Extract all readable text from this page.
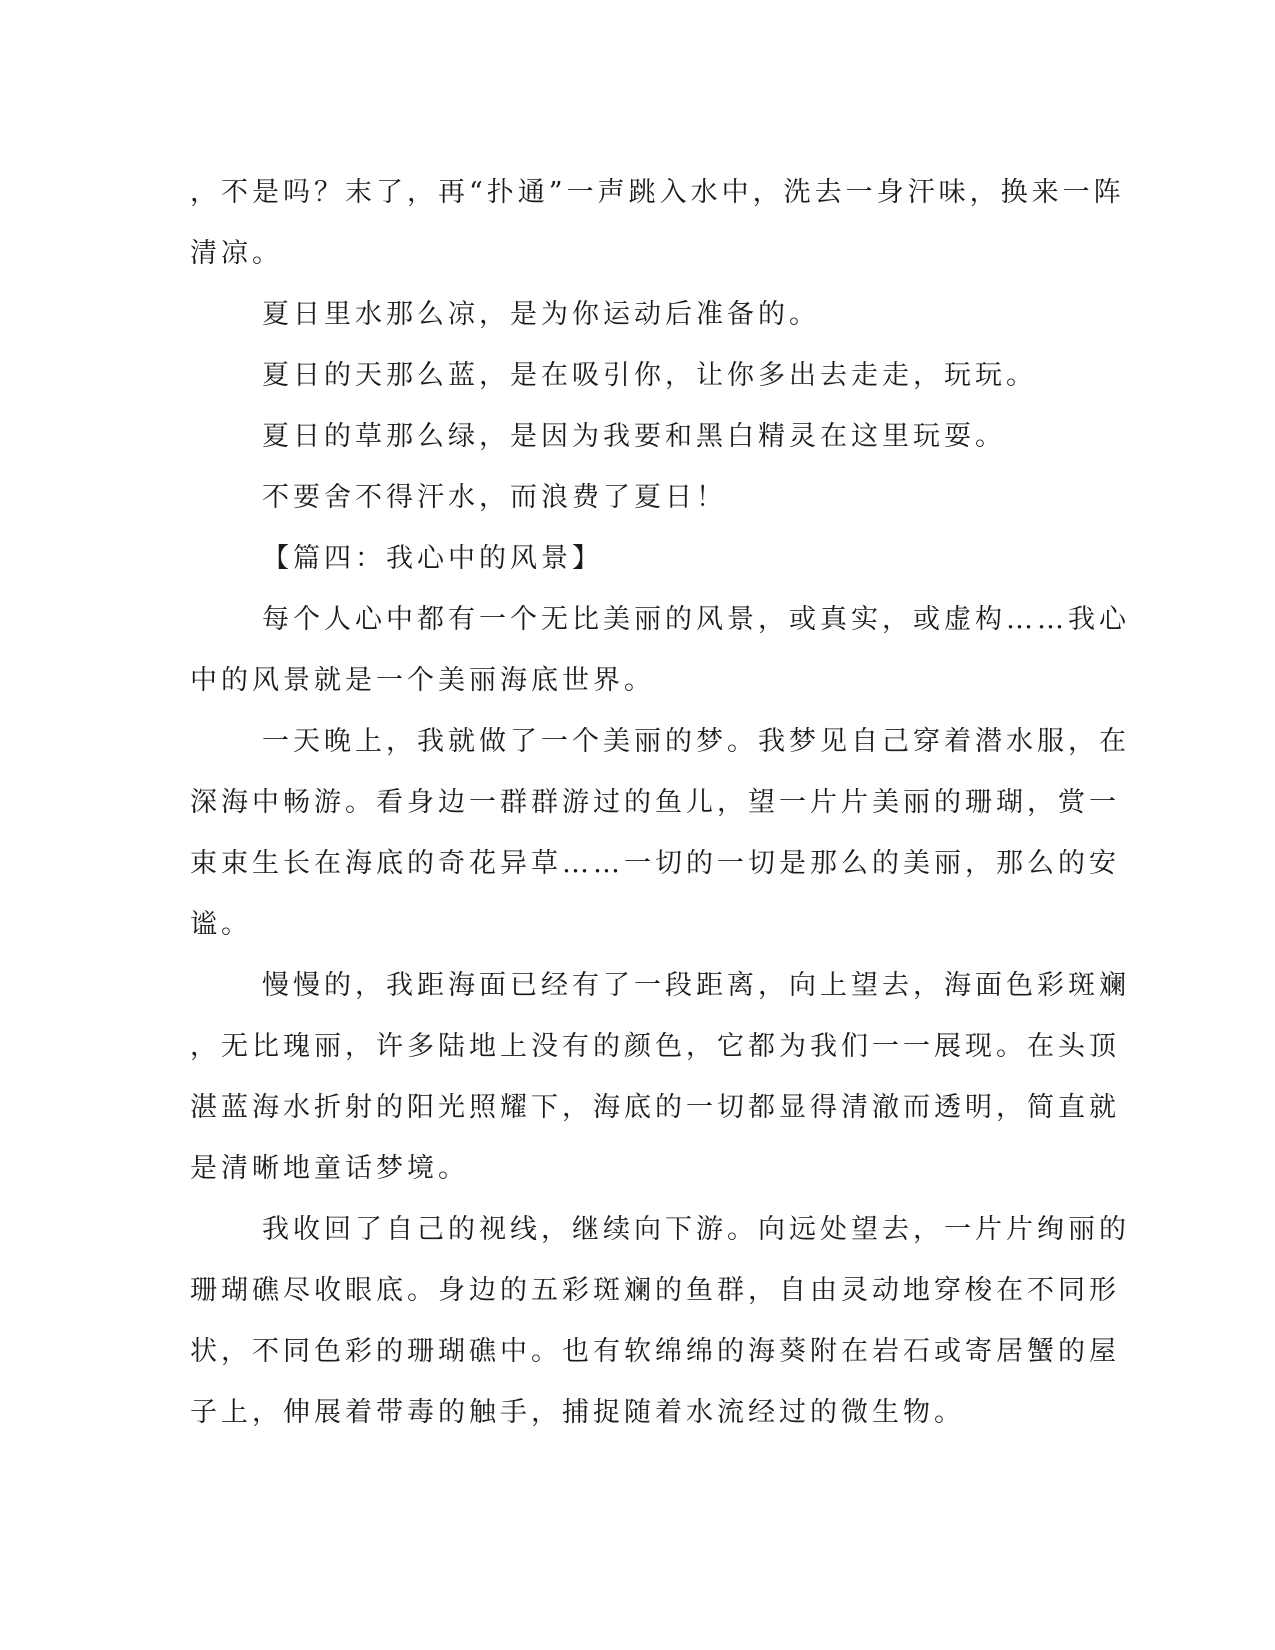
，不是吗？末了，再“扑通”一声跳入水中，洗去一身汗味，换来一阵
清凉。
夏日里水那么凉，是为你运动后准备的。
夏日的天那么蓝，是在吸引你，让你多出去走走，玩玩。
夏日的草那么绿，是因为我要和黑白精灵在这里玩耍。
不要舍不得汗水，而浪费了夏日！
【篇四：我心中的风景】
每个人心中都有一个无比美丽的风景，或真实，或虚构……我心
中的风景就是一个美丽海底世界。
一天晚上，我就做了一个美丽的梦。我梦见自己穿着潜水服，在
深海中畅游。看身边一群群游过的鱼儿，望一片片美丽的珊瑚，赏一
束束生长在海底的奇花异草……一切的一切是那么的美丽，那么的安
谧。
慢慢的，我距海面已经有了一段距离，向上望去，海面色彩斑斓
，无比瑰丽，许多陆地上没有的颜色，它都为我们一一展现。在头顶
湛蓝海水折射的阳光照耀下，海底的一切都显得清澈而透明，简直就
是清晰地童话梦境。
我收回了自己的视线，继续向下游。向远处望去，一片片绚丽的
珊瑚礁尽收眼底。身边的五彩斑斓的鱼群，自由灵动地穿梭在不同形
状，不同色彩的珊瑚礁中。也有软绵绵的海葵附在岩石或寄居蟹的屋
子上，伸展着带毒的触手，捕捉随着水流经过的微生物。
